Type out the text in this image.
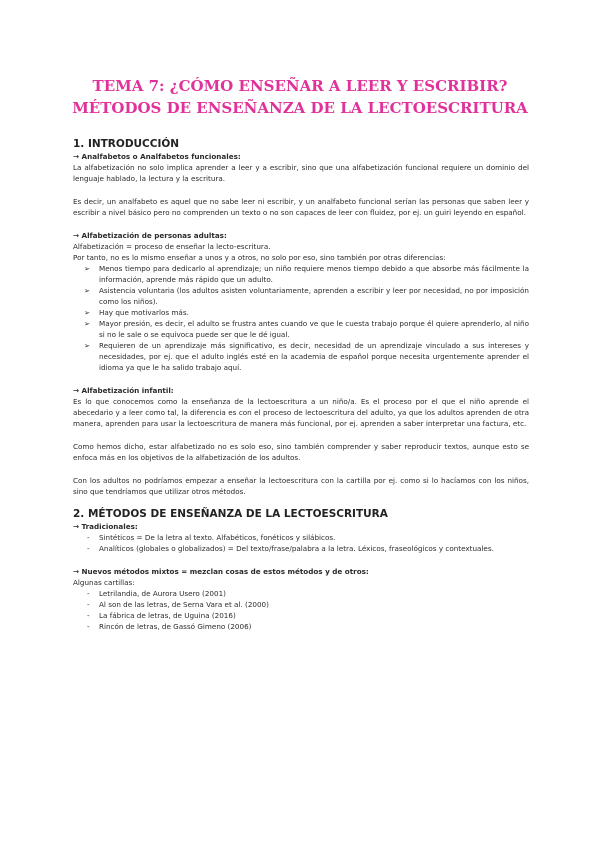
TEMA 7: ¿CÓMO ENSEÑAR A LEER Y ESCRIBIR?
MÉTODOS DE ENSEÑANZA DE LA LECTOESCRITURA
1. INTRODUCCIÓN

→ Analfabetos o Analfabetos funcionales:

La alfabetización no solo implica aprender a leer y a escribir, sino que una alfabetización funcional requiere un dominio del lenguaje hablado, la lectura y la escritura.

Es decir, un analfabeto es aquel que no sabe leer ni escribir, y un analfabeto funcional serían las personas que saben leer y escribir a nivel básico pero no comprenden un texto o no son capaces de leer con fluidez, por ej. un guiri leyendo en español.

→ Alfabetización de personas adultas:

Alfabetización = proceso de enseñar la lecto-escritura.

Por tanto, no es lo mismo enseñar a unos y a otros, no solo por eso, sino también por otras diferencias:

➢ Menos tiempo para dedicarlo al aprendizaje; un niño requiere menos tiempo debido a que absorbe más fácilmente la información, aprende más rápido que un adulto.
➢ Asistencia voluntaria (los adultos asisten voluntariamente, aprenden a escribir y leer por necesidad, no por imposición como los niños).
➢ Hay que motivarlos más.
➢ Mayor presión, es decir, el adulto se frustra antes cuando ve que le cuesta trabajo porque él quiere aprenderlo, al niño si no le sale o se equivoca puede ser que le dé igual.
➢ Requieren de un aprendizaje más significativo, es decir, necesidad de un aprendizaje vinculado a sus intereses y necesidades, por ej. que el adulto inglés esté en la academia de español porque necesita urgentemente aprender el idioma ya que le ha salido trabajo aquí.

→ Alfabetización infantil:

Es lo que conocemos como la enseñanza de la lectoescritura a un niño/a. Es el proceso por el que el niño aprende el abecedario y a leer como tal, la diferencia es con el proceso de lectoescritura del adulto, ya que los adultos aprenden de otra manera, aprenden para usar la lectoescritura de manera más funcional, por ej. aprenden a saber interpretar una factura, etc.

Como hemos dicho, estar alfabetizado no es solo eso, sino también comprender y saber reproducir textos, aunque esto se enfoca más en los objetivos de la alfabetización de los adultos.

Con los adultos no podríamos empezar a enseñar la lectoescritura con la cartilla por ej. como si lo hacíamos con los niños, sino que tendríamos que utilizar otros métodos.

2. MÉTODOS DE ENSEÑANZA DE LA LECTOESCRITURA

→ Tradicionales:

- Sintéticos = De la letra al texto. Alfabéticos, fonéticos y silábicos.
- Analíticos (globales o globalizados) = Del texto/frase/palabra a la letra. Léxicos, fraseológicos y contextuales.

→ Nuevos métodos mixtos = mezclan cosas de estos métodos y de otros:

Algunas cartillas:

- Letrilandia, de Aurora Usero (2001)
- Al son de las letras, de Serna Vara et al. (2000)
- La fábrica de letras, de Uguina (2016)
- Rincón de letras, de Gassó Gimeno (2006)
